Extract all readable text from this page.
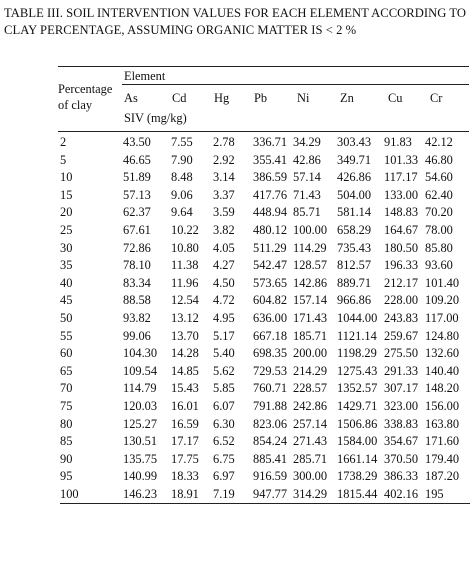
TABLE III. SOIL INTERVENTION VALUES FOR EACH ELEMENT ACCORDING TO CLAY PERCENTAGE, ASSUMING ORGANIC MATTER IS < 2 %
Percentage of clay
Element
As	Cd Hg Pb Ni Zn	Cu Cr
SIV (mg/kg)
2	43.50	7.55	2.78	336.71	34.29	303.43	91.83	42.12
5	46.65	7.90	2.92	355.41	42.86	349.71	101.33	46.80
10	51.89	8.48	3.14	386.59	57.14	426.86	117.17	54.60
15	57.13	9.06	3.37	417.76	71.43	504.00	133.00	62.40
20	62.37	9.64	3.59	448.94	85.71	581.14	148.83	70.20
25	67.61	10.22	3.82	480.12	100.00	658.29	164.67	78.00
30	72.86	10.80	4.05	511.29	114.29	735.43	180.50	85.80
35	78.10	11.38	4.27	542.47	128.57	812.57	196.33	93.60
40	83.34	11.96	4.50	573.65	142.86	889.71	212.17	101.40
45	88.58	12.54	4.72	604.82	157.14	966.86	228.00	109.20
50	93.82	13.12	4.95	636.00	171.43	1044.00	243.83	117.00
55	99.06	13.70	5.17	667.18	185.71	1121.14	259.67	124.80
60	104.30	14.28	5.40	698.35	200.00	1198.29	275.50	132.60
65	109.54	14.85	5.62	729.53	214.29	1275.43	291.33	140.40
70	114.79	15.43	5.85	760.71	228.57	1352.57	307.17	148.20
75	120.03	16.01	6.07	791.88	242.86	1429.71	323.00	156.00
80	125.27	16.59	6.30	823.06	257.14	1506.86	338.83	163.80
85	130.51	17.17	6.52	854.24	271.43	1584.00	354.67	171.60
90	135.75	17.75	6.75	885.41	285.71	1661.14	370.50	179.40
95	140.99	18.33	6.97	916.59	300.00	1738.29	386.33	187.20
100	146.23	18.91	7.19	947.77	314.29	1815.44	402.16	195
